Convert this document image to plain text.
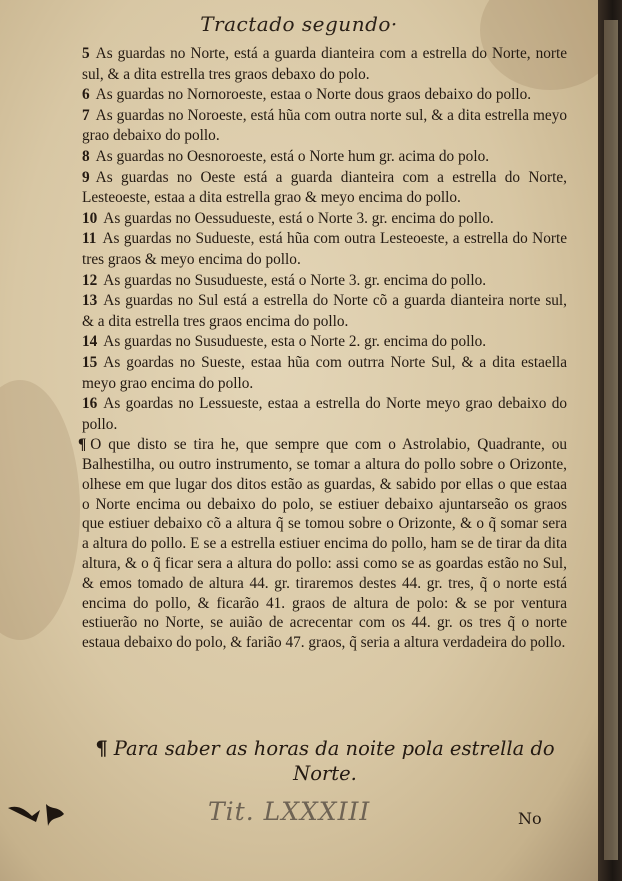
Tractado segundo·

5 As guardas no Norte, está a guarda dianteira com a estrella do Norte, norte sul, & a dita estrella tres graos debaxo do polo.

6 As guardas no Nornoroeste, estaa o Norte dous graos debaixo do pollo.

7 As guardas no Noroeste, está hũa com outra norte sul, & a dita estrella meyo grao debaixo do pollo.

8 As guardas no Oesnoroeste, está o Norte hum gr. acima do polo.

9 As guardas no Oeste está a guarda dianteira com a estrella do Norte, Lesteoeste, estaa a dita estrella grao & meyo encima do pollo.

10 As guardas no Oessudueste, está o Norte 3. gr. encima do pollo.

11 As guardas no Sudueste, está hũa com outra Lesteoeste, a estrella do Norte tres graos & meyo encima do pollo.

12 As guardas no Susudueste, está o Norte 3. gr. encima do pollo.

13 As guardas no Sul está a estrella do Norte cõ a guarda dianteira norte sul, & a dita estrella tres graos encima do pollo.

14 As guardas no Susudueste, esta o Norte 2. gr. encima do pollo.

15 As goardas no Sueste, estaa hũa com outrra Norte Sul, & a dita estaella meyo grao encima do pollo.

16 As goardas no Lessueste, estaa a estrella do Norte meyo grao debaixo do pollo.

¶ O que disto se tira he, que sempre que com o Astrolabio, Quadrante, ou Balhestilha, ou outro instrumento, se tomar a altura do pollo sobre o Orizonte, olhese em que lugar dos ditos estão as guardas, & sabido por ellas o que estaa o Norte encima ou debaixo do polo, se estiuer debaixo ajuntarseão os graos que estiuer debaixo cõ a altura q̃ se tomou sobre o Orizonte, & o q̃ somar sera a altura do pollo. E se a estrella estiuer encima do pollo, ham se de tirar da dita altura, & o q̃ ficar sera a altura do pollo: assi como se as goardas estão no Sul, & emos tomado de altura 44. gr. tiraremos destes 44. gr. tres, q̃ o norte está encima do pollo, & ficarão 41. graos de altura de polo: & se por ventura estiuerão no Norte, se auião de acrecentar com os 44. gr. os tres q̃ o norte estaua debaixo do polo, & farião 47. graos, q̃ seria a altura verdadeira do pollo.

¶ Para saber as horas da noite pola estrella do Norte.
Tit. LXXXIII	No
